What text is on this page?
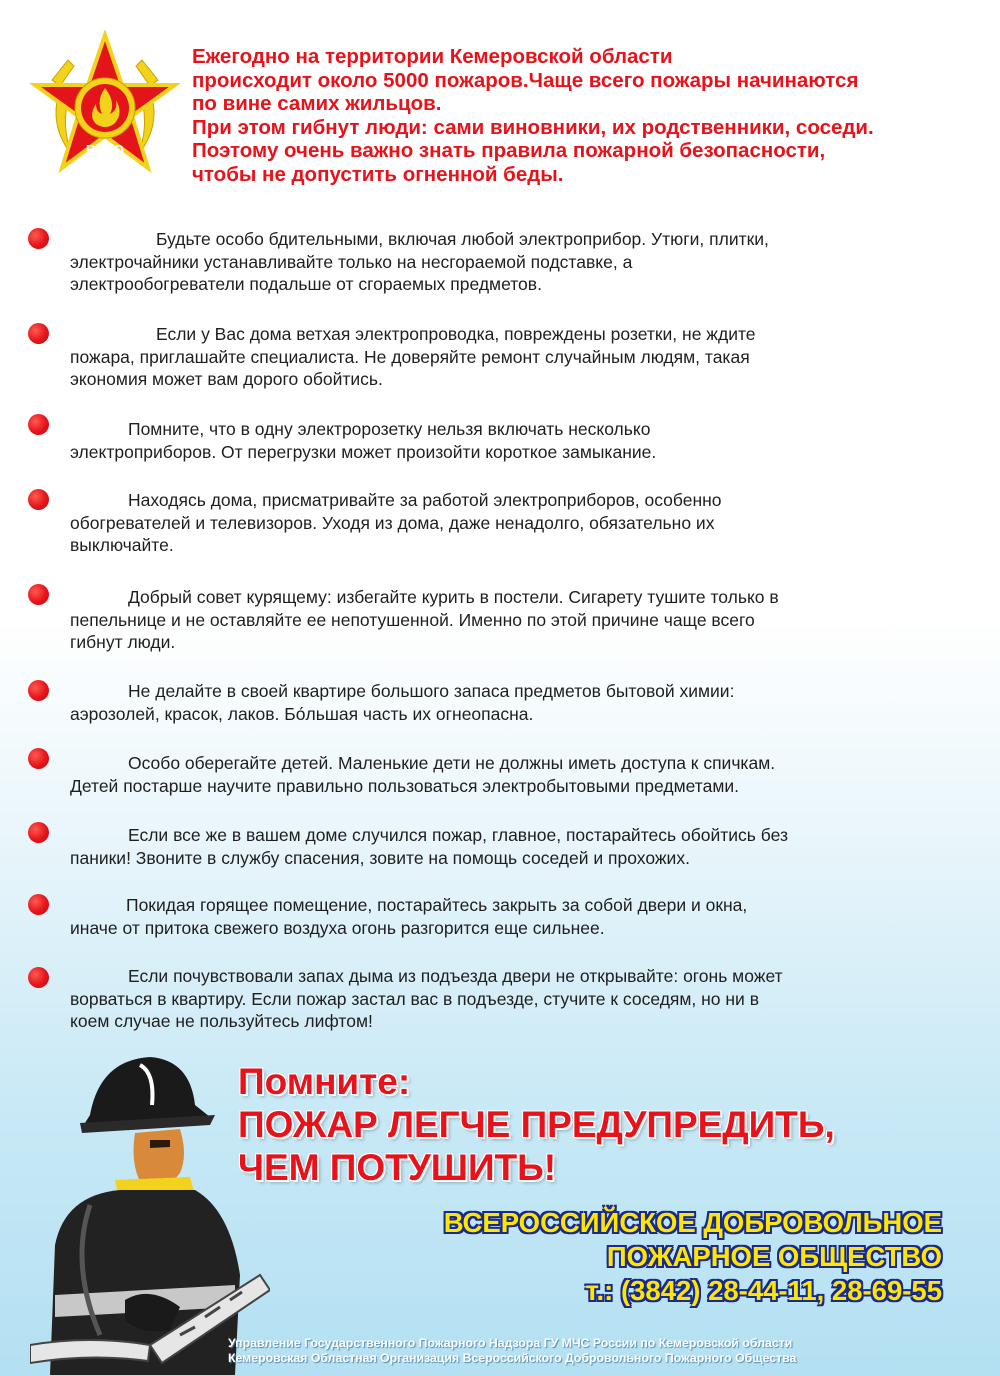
ВДПО
Ежегодно на территории Кемеровской области
происходит около 5000 пожаров.Чаще всего пожары начинаются
по вине самих жильцов.
При этом гибнут люди: сами виновники, их родственники, соседи.
Поэтому очень важно знать правила пожарной безопасности,
чтобы не допустить огненной беды.
Будьте особо бдительными, включая любой электроприбор. Утюги, плитки,
электрочайники устанавливайте только на несгораемой подставке, а
электрообогреватели подальше от сгораемых предметов.
Если у Вас дома ветхая электропроводка, повреждены розетки, не ждите
пожара, приглашайте специалиста. Не доверяйте ремонт случайным людям, такая
экономия может вам дорого обойтись.
Помните, что в одну электророзетку нельзя включать несколько
электроприборов. От перегрузки может произойти короткое замыкание.
Находясь дома, присматривайте за работой электроприборов, особенно
обогревателей и телевизоров. Уходя из дома, даже ненадолго, обязательно их
выключайте.
Добрый совет курящему: избегайте курить в постели. Сигарету тушите только в
пепельнице и не оставляйте ее непотушенной. Именно по этой причине чаще всего
гибнут люди.
Не делайте в своей квартире большого запаса предметов бытовой химии:
аэрозолей, красок, лаков. Бо́льшая часть их огнеопасна.
Особо оберегайте детей. Маленькие дети не должны иметь доступа к спичкам.
Детей постарше научите правильно пользоваться электробытовыми предметами.
Если все же в вашем доме случился пожар, главное, постарайтесь обойтись без
паники! Звоните в службу спасения, зовите на помощь соседей и прохожих.
Покидая горящее помещение, постарайтесь закрыть за собой двери и окна,
иначе от притока свежего воздуха огонь разгорится еще сильнее.
Если почувствовали запах дыма из подъезда двери не открывайте: огонь может
ворваться в квартиру. Если пожар застал вас в подъезде, стучите к соседям, но ни в
коем случае не пользуйтесь лифтом!
Помните:
ПОЖАР ЛЕГЧЕ ПРЕДУПРЕДИТЬ,
ЧЕМ ПОТУШИТЬ!
ВСЕРОССИЙСКОЕ ДОБРОВОЛЬНОЕ
ПОЖАРНОЕ ОБЩЕСТВО
т.: (3842) 28-44-11, 28-69-55
Управление Государственного Пожарного Надзора ГУ МЧС России по Кемеровской области
Кемеровская Областная Организация Всероссийского Добровольного Пожарного Общества
